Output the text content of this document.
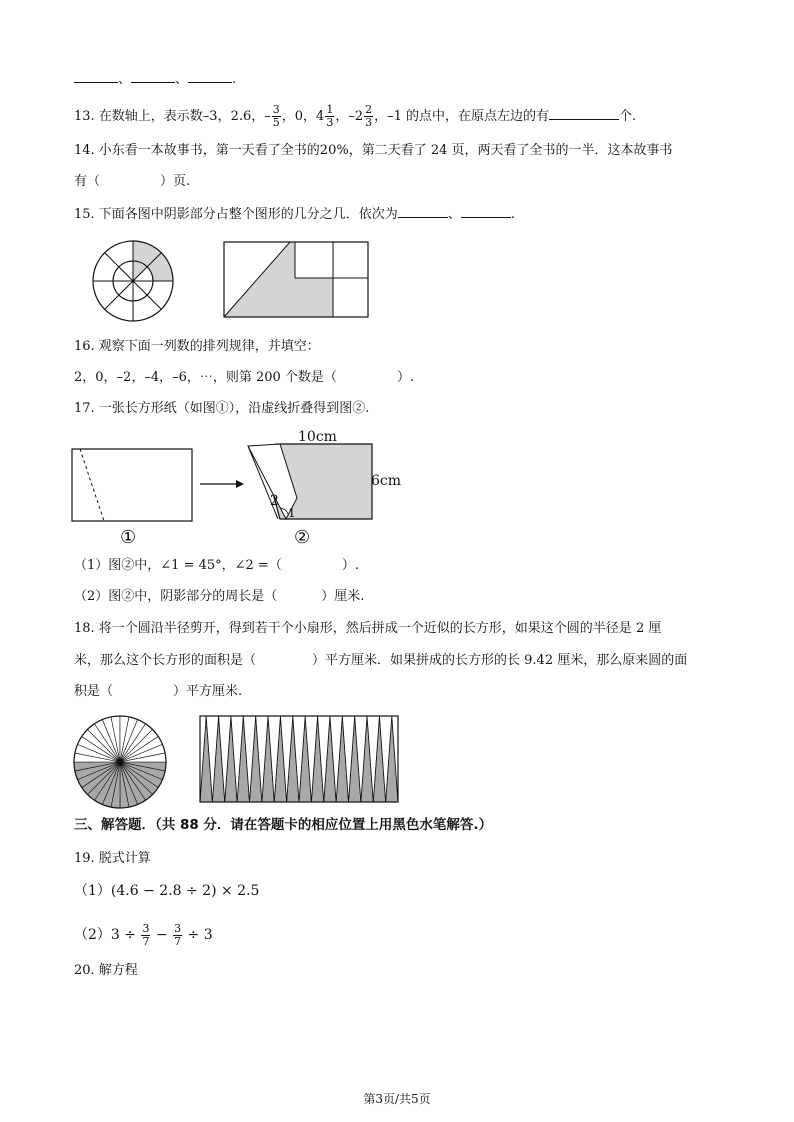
、	、	.
13. 在数轴上，表示数–3，2.6，– $\frac{3}{5}$ ，0，$4 \frac{1}{3}$ ，$-2 \frac{2}{3}$ ，–1 的点中，在原点左边的有	个.
14. 小东看一本故事书，第一天看了全书的20%，第二天看了 24 页，两天看了全书的一半．这本故事书
有（	）页.
15. 下面各图中阴影部分占整个图形的几分之几．依次为	、	.
16. 观察下面一列数的排列规律，并填空：
2，0，–2，–4，–6，⋯，则第 200 个数是（	）.
17. 一张长方形纸（如图①），沿虚线折叠得到图②.
2
1
10cm
6cm
①	②
（1）图②中，∠1 = 45°，∠2 =（	）.
（2）图②中，阴影部分的周长是（	）厘米.
18. 将一个圆沿半径剪开，得到若干个小扇形，然后拼成一个近似的长方形，如果这个圆的半径是 2 厘
米，那么这个长方形的面积是（	）平方厘米．如果拼成的长方形的长 9.42 厘米，那么原来圆的面
积是（	）平方厘米.
三、解答题．（共 88 分．请在答题卡的相应位置上用黑色水笔解答.）
19. 脱式计算
（1）(4.6 − 2.8 ÷ 2) × 2.5
$(2)3 \div \frac{3}{7} - \frac{3}{7} \div 3$
20. 解方程
第3页/共5页
